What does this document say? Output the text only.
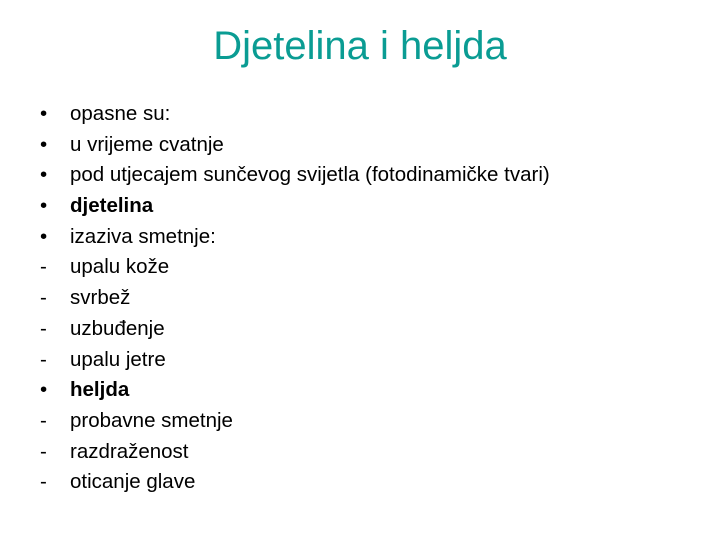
Djetelina i heljda
•	opasne su:
•	u vrijeme cvatnje
•	pod utjecajem sunčevog svijetla (fotodinamičke tvari)
•	djetelina
•	izaziva smetnje:
-	upalu kože
-	svrbež
-	uzbuđenje
-	upalu jetre
•	heljda
-	probavne smetnje
-	razdraženost
-	oticanje glave
